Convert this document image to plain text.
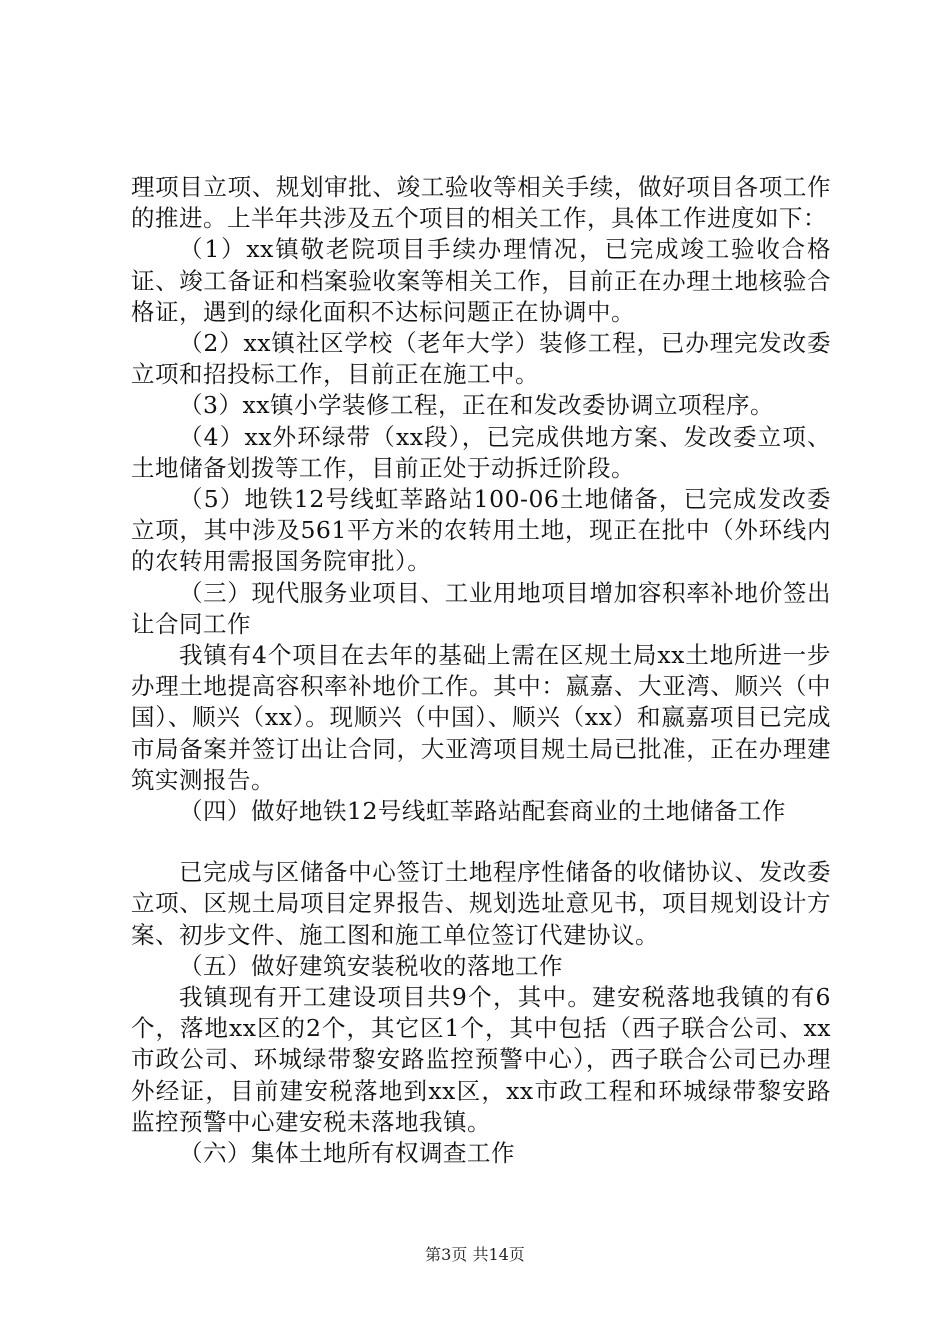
理项目立项、规划审批、竣工验收等相关手续，做好项目各项工作的推进。上半年共涉及五个项目的相关工作，具体工作进度如下：

（1）xx镇敬老院项目手续办理情况，已完成竣工验收合格证、竣工备证和档案验收案等相关工作，目前正在办理土地核验合格证，遇到的绿化面积不达标问题正在协调中。

（2）xx镇社区学校（老年大学）装修工程，已办理完发改委立项和招投标工作，目前正在施工中。

（3）xx镇小学装修工程，正在和发改委协调立项程序。

（4）xx外环绿带（xx段），已完成供地方案、发改委立项、土地储备划拨等工作，目前正处于动拆迁阶段。

（5）地铁12号线虹莘路站100-06土地储备，已完成发改委立项，其中涉及561平方米的农转用土地，现正在批中（外环线内的农转用需报国务院审批）。

（三）现代服务业项目、工业用地项目增加容积率补地价签出让合同工作

我镇有4个项目在去年的基础上需在区规土局xx土地所进一步办理土地提高容积率补地价工作。其中：嬴嘉、大亚湾、顺兴（中国）、顺兴（xx）。现顺兴（中国）、顺兴（xx）和嬴嘉项目已完成市局备案并签订出让合同，大亚湾项目规土局已批准，正在办理建筑实测报告。

（四）做好地铁12号线虹莘路站配套商业的土地储备工作

已完成与区储备中心签订土地程序性储备的收储协议、发改委立项、区规土局项目定界报告、规划选址意见书，项目规划设计方案、初步文件、施工图和施工单位签订代建协议。

（五）做好建筑安装税收的落地工作

我镇现有开工建设项目共9个，其中。建安税落地我镇的有6个，落地xx区的2个，其它区1个，其中包括（西子联合公司、xx市政公司、环城绿带黎安路监控预警中心），西子联合公司已办理外经证，目前建安税落地到xx区，xx市政工程和环城绿带黎安路监控预警中心建安税未落地我镇。

（六）集体土地所有权调查工作

第3页 共14页
